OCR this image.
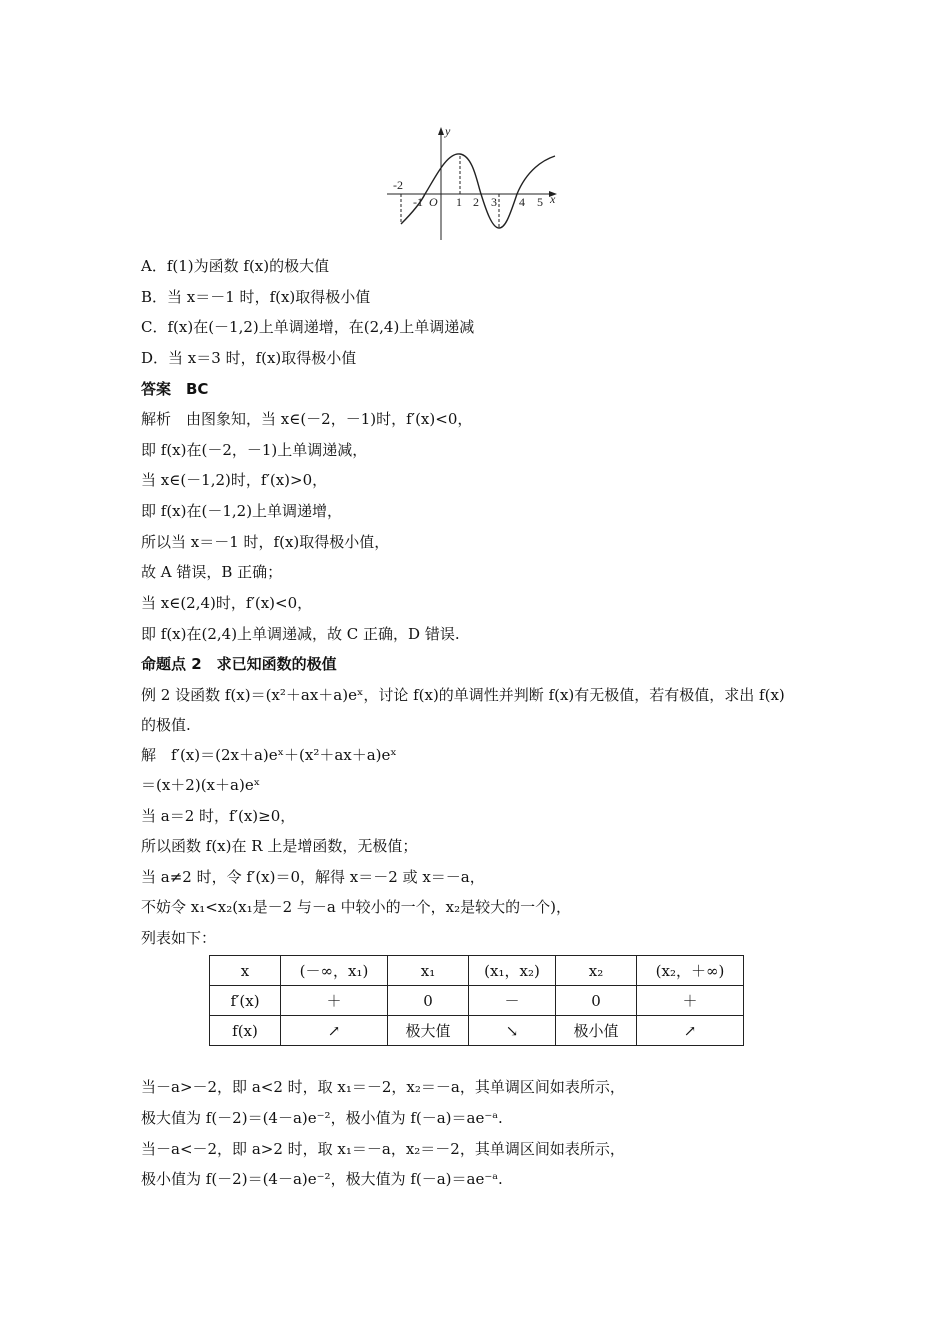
y
x
O
-2
-1	1 2 3 4 5
A．f(1)为函数 f(x)的极大值
B．当 x＝－1 时，f(x)取得极小值
C．f(x)在(－1,2)上单调递增，在(2,4)上单调递减
D．当 x＝3 时，f(x)取得极小值
答案　BC
解析　由图象知，当 x∈(－2，－1)时，f′(x)<0，
即 f(x)在(－2，－1)上单调递减，
当 x∈(－1,2)时，f′(x)>0，
即 f(x)在(－1,2)上单调递增，
所以当 x＝－1 时，f(x)取得极小值，
故 A 错误，B 正确；
当 x∈(2,4)时，f′(x)<0，
即 f(x)在(2,4)上单调递减，故 C 正确，D 错误.
命题点 2　求已知函数的极值
例 2 设函数 f(x)＝(x²＋ax＋a)eˣ，讨论 f(x)的单调性并判断 f(x)有无极值，若有极值，求出 f(x)
的极值.
解　f′(x)＝(2x＋a)eˣ＋(x²＋ax＋a)eˣ
＝(x＋2)(x＋a)eˣ
当 a＝2 时，f′(x)≥0，
所以函数 f(x)在 R 上是增函数，无极值；
当 a≠2 时，令 f′(x)＝0，解得 x＝－2 或 x＝－a，
不妨令 x₁<x₂(x₁是－2 与－a 中较小的一个，x₂是较大的一个)，
列表如下：
x	(－∞，x₁)	x₁	(x₁，x₂)	x₂	(x₂，＋∞)
f′(x)	＋	0	－	0	＋
f(x)	↗	极大值	↘	极小值	↗
当－a>－2，即 a<2 时，取 x₁＝－2，x₂＝－a，其单调区间如表所示，
极大值为 f(－2)＝(4－a)e⁻²，极小值为 f(－a)＝ae⁻ᵃ.
当－a<－2，即 a>2 时，取 x₁＝－a，x₂＝－2，其单调区间如表所示，
极小值为 f(－2)＝(4－a)e⁻²，极大值为 f(－a)＝ae⁻ᵃ.
